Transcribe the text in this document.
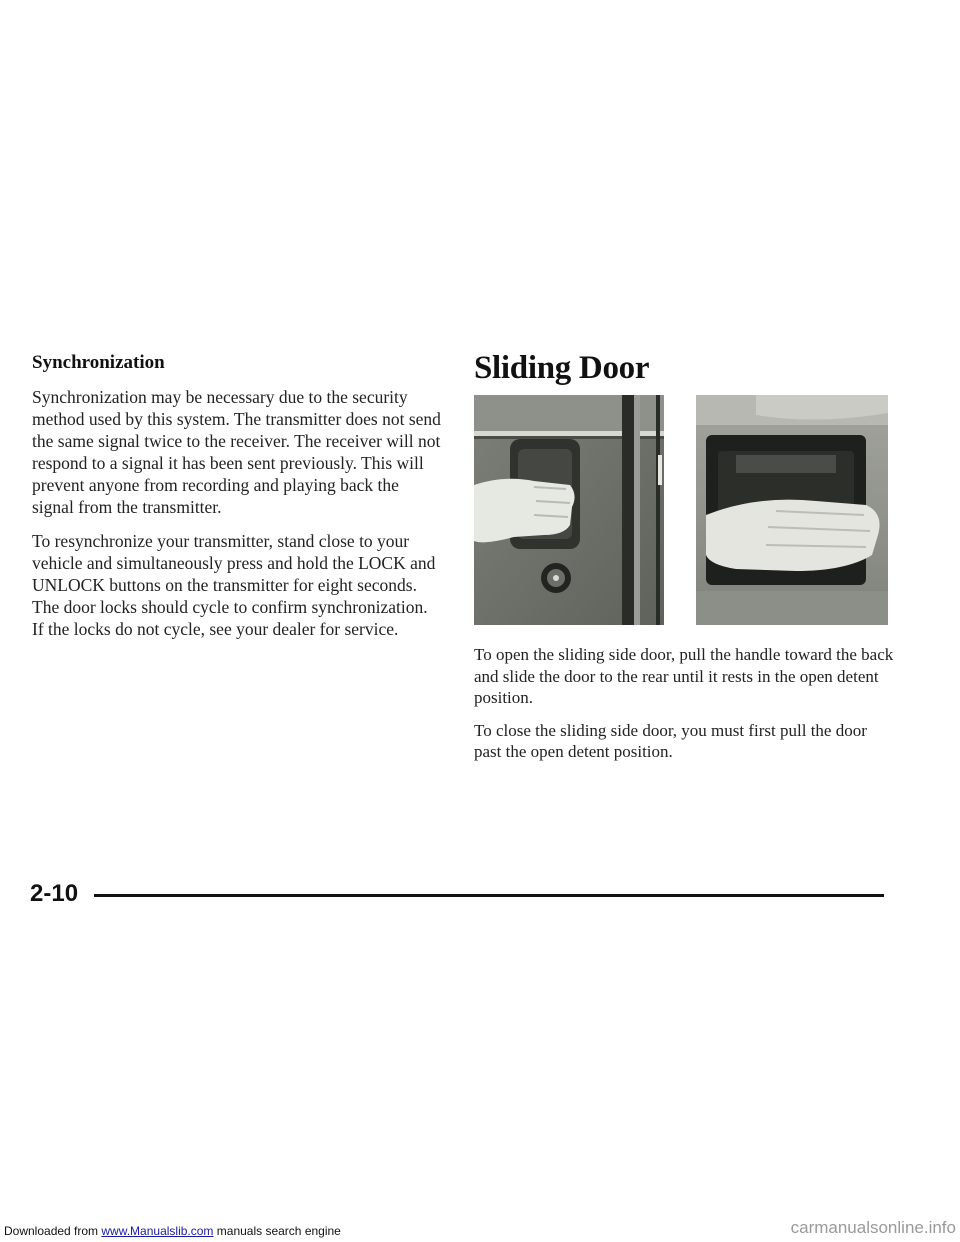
Synchronization

Synchronization may be necessary due to the security method used by this system. The transmitter does not send the same signal twice to the receiver. The receiver will not respond to a signal it has been sent previously. This will prevent anyone from recording and playing back the signal from the transmitter.

To resynchronize your transmitter, stand close to your vehicle and simultaneously press and hold the LOCK and UNLOCK buttons on the transmitter for eight seconds. The door locks should cycle to confirm synchronization. If the locks do not cycle, see your dealer for service.

Sliding Door

To open the sliding side door, pull the handle toward the back and slide the door to the rear until it rests in the open detent position.

To close the sliding side door, you must first pull the door past the open detent position.

2-10
Downloaded from www.Manualslib.com manuals search engine	carmanualsonline.info
